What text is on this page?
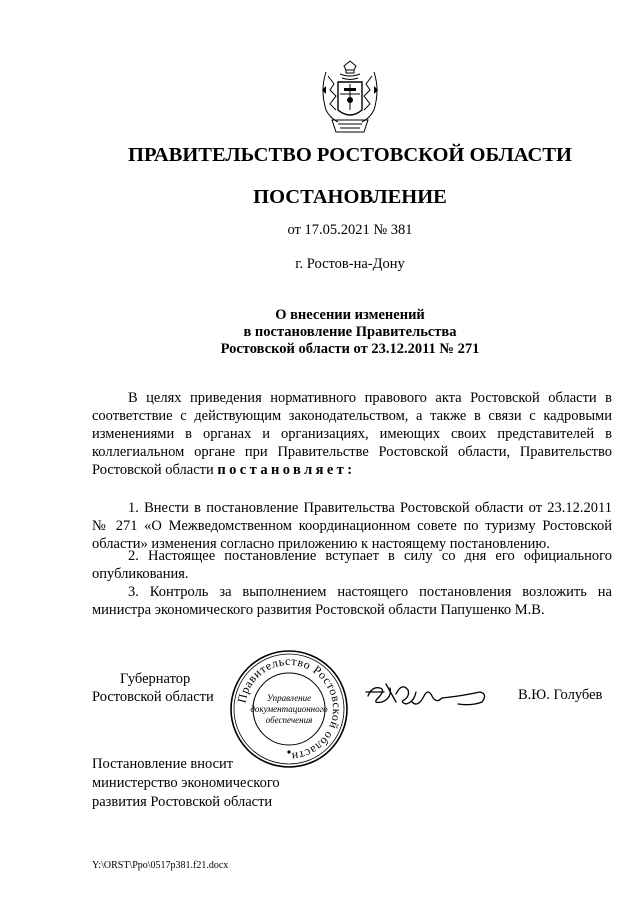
ПРАВИТЕЛЬСТВО РОСТОВСКОЙ ОБЛАСТИ
ПОСТАНОВЛЕНИЕ
от 17.05.2021 № 381
г. Ростов-на-Дону
О внесении изменений
в постановление Правительства
Ростовской области от 23.12.2011 № 271

В целях приведения нормативного правового акта Ростовской области в соответствие с действующим законодательством, а также в связи с кадровыми изменениями в органах и организациях, имеющих своих представителей в коллегиальном органе при Правительстве Ростовской области, Правительство Ростовской области постановляет:

1. Внести в постановление Правительства Ростовской области от 23.12.2011 № 271 «О Межведомственном координационном совете по туризму Ростовской области» изменения согласно приложению к настоящему постановлению.

2. Настоящее постановление вступает в силу со дня его официального опубликования.

3. Контроль за выполнением настоящего постановления возложить на министра экономического развития Ростовской области Папушенко М.В.

Губернатор
Ростовской области	Правительство Ростовской области
Управление
документационного
обеспечения
В.Ю. Голубев
Постановление вносит
министерство экономического
развития Ростовской области
Y:\ORST\Ppo\0517p381.f21.docx
